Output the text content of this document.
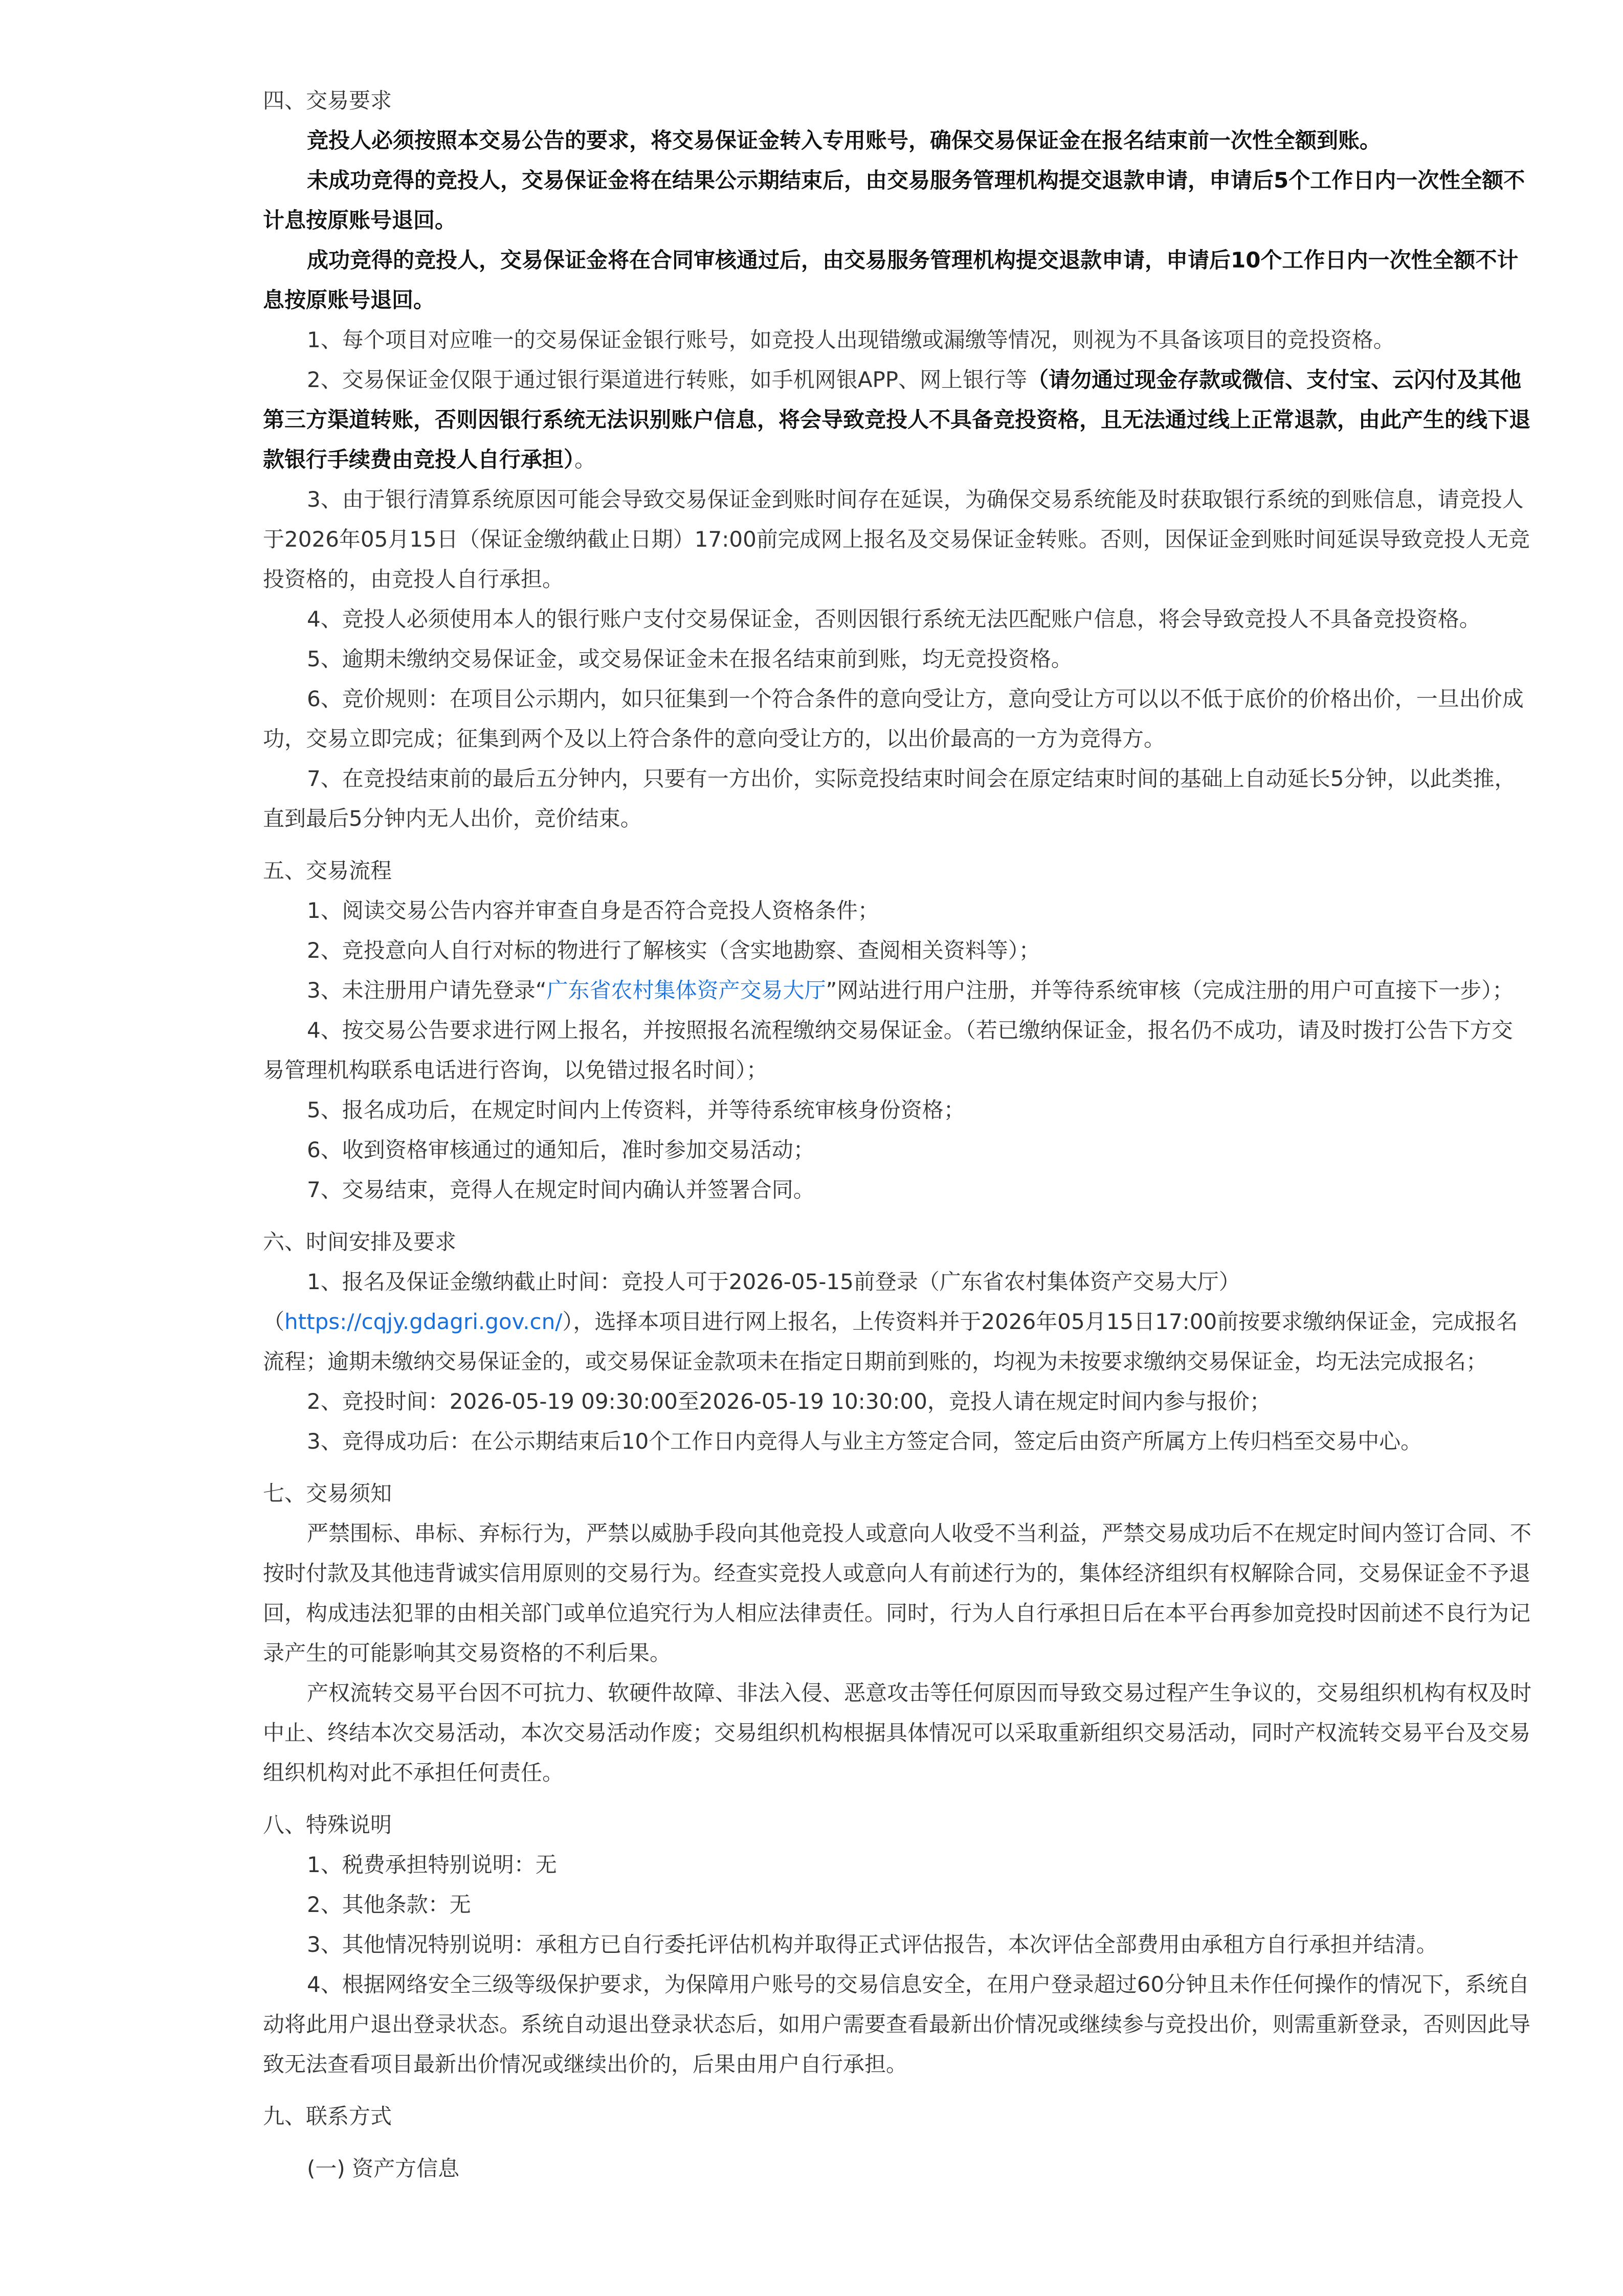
四、交易要求

竞投人必须按照本交易公告的要求，将交易保证金转入专用账号，确保交易保证金在报名结束前一次性全额到账。

未成功竞得的竞投人，交易保证金将在结果公示期结束后，由交易服务管理机构提交退款申请，申请后5个工作日内一次性全额不计息按原账号退回。

成功竞得的竞投人，交易保证金将在合同审核通过后，由交易服务管理机构提交退款申请，申请后10个工作日内一次性全额不计息按原账号退回。

1、每个项目对应唯一的交易保证金银行账号，如竞投人出现错缴或漏缴等情况，则视为不具备该项目的竞投资格。

2、交易保证金仅限于通过银行渠道进行转账，如手机网银APP、网上银行等（请勿通过现金存款或微信、支付宝、云闪付及其他第三方渠道转账，否则因银行系统无法识别账户信息，将会导致竞投人不具备竞投资格，且无法通过线上正常退款，由此产生的线下退款银行手续费由竞投人自行承担）。

3、由于银行清算系统原因可能会导致交易保证金到账时间存在延误，为确保交易系统能及时获取银行系统的到账信息，请竞投人于2026年05月15日（保证金缴纳截止日期）17:00前完成网上报名及交易保证金转账。否则，因保证金到账时间延误导致竞投人无竞投资格的，由竞投人自行承担。

4、竞投人必须使用本人的银行账户支付交易保证金，否则因银行系统无法匹配账户信息，将会导致竞投人不具备竞投资格。

5、逾期未缴纳交易保证金，或交易保证金未在报名结束前到账，均无竞投资格。

6、竞价规则：在项目公示期内，如只征集到一个符合条件的意向受让方，意向受让方可以以不低于底价的价格出价，一旦出价成功，交易立即完成；征集到两个及以上符合条件的意向受让方的，以出价最高的一方为竞得方。

7、在竞投结束前的最后五分钟内，只要有一方出价，实际竞投结束时间会在原定结束时间的基础上自动延长5分钟，以此类推，直到最后5分钟内无人出价，竞价结束。

五、交易流程

1、阅读交易公告内容并审查自身是否符合竞投人资格条件；

2、竞投意向人自行对标的物进行了解核实（含实地勘察、查阅相关资料等）；

3、未注册用户请先登录“广东省农村集体资产交易大厅”网站进行用户注册，并等待系统审核（完成注册的用户可直接下一步）；

4、按交易公告要求进行网上报名，并按照报名流程缴纳交易保证金。（若已缴纳保证金，报名仍不成功，请及时拨打公告下方交易管理机构联系电话进行咨询，以免错过报名时间）；

5、报名成功后，在规定时间内上传资料，并等待系统审核身份资格；

6、收到资格审核通过的通知后，准时参加交易活动；

7、交易结束，竞得人在规定时间内确认并签署合同。

六、时间安排及要求

1、报名及保证金缴纳截止时间：竞投人可于2026-05-15前登录（广东省农村集体资产交易大厅）（https://cqjy.gdagri.gov.cn/），选择本项目进行网上报名，上传资料并于2026年05月15日17:00前按要求缴纳保证金，完成报名流程；逾期未缴纳交易保证金的，或交易保证金款项未在指定日期前到账的，均视为未按要求缴纳交易保证金，均无法完成报名；

2、竞投时间：2026-05-19 09:30:00至2026-05-19 10:30:00，竞投人请在规定时间内参与报价；

3、竞得成功后：在公示期结束后10个工作日内竞得人与业主方签定合同，签定后由资产所属方上传归档至交易中心。

七、交易须知

严禁围标、串标、弃标行为，严禁以威胁手段向其他竞投人或意向人收受不当利益，严禁交易成功后不在规定时间内签订合同、不按时付款及其他违背诚实信用原则的交易行为。经查实竞投人或意向人有前述行为的，集体经济组织有权解除合同，交易保证金不予退回，构成违法犯罪的由相关部门或单位追究行为人相应法律责任。同时，行为人自行承担日后在本平台再参加竞投时因前述不良行为记录产生的可能影响其交易资格的不利后果。

产权流转交易平台因不可抗力、软硬件故障、非法入侵、恶意攻击等任何原因而导致交易过程产生争议的，交易组织机构有权及时中止、终结本次交易活动，本次交易活动作废；交易组织机构根据具体情况可以采取重新组织交易活动，同时产权流转交易平台及交易组织机构对此不承担任何责任。

八、特殊说明

1、税费承担特别说明：无

2、其他条款：无

3、其他情况特别说明：承租方已自行委托评估机构并取得正式评估报告，本次评估全部费用由承租方自行承担并结清。

4、根据网络安全三级等级保护要求，为保障用户账号的交易信息安全，在用户登录超过60分钟且未作任何操作的情况下，系统自动将此用户退出登录状态。系统自动退出登录状态后，如用户需要查看最新出价情况或继续参与竞投出价，则需重新登录，否则因此导致无法查看项目最新出价情况或继续出价的，后果由用户自行承担。

九、联系方式

(一) 资产方信息
